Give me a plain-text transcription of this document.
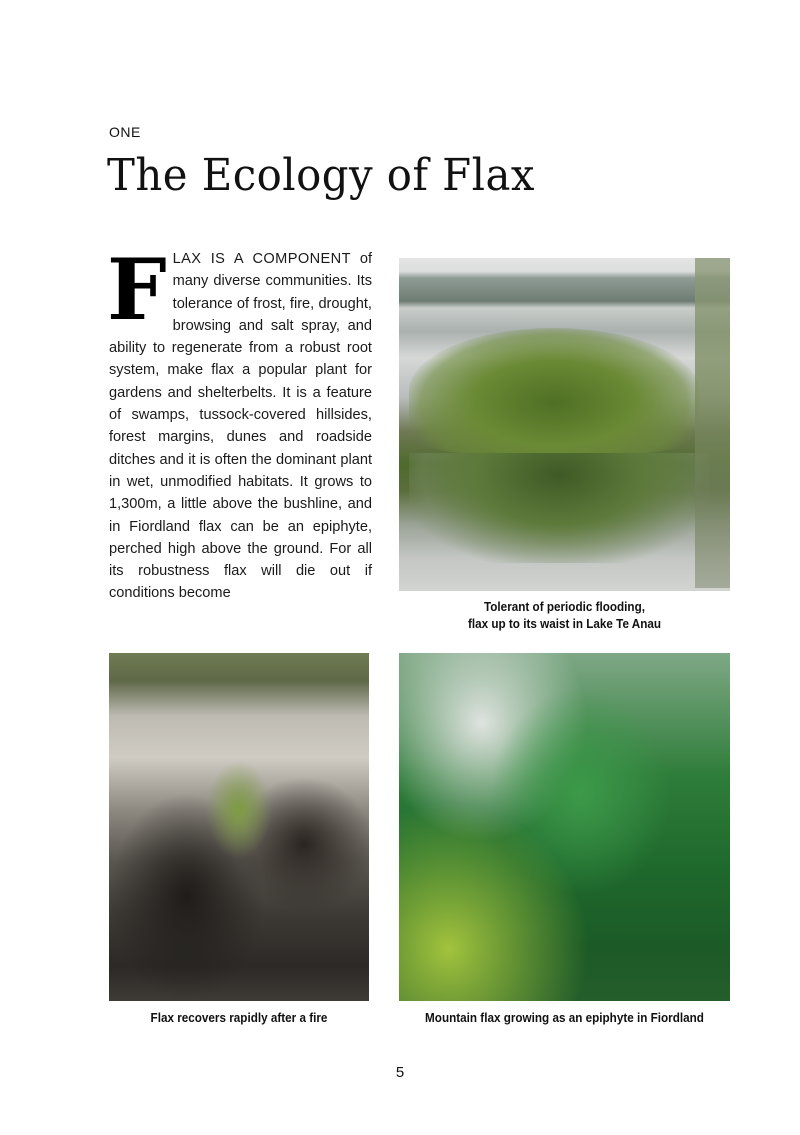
ONE
The Ecology of Flax

FLAX IS A COMPONENT of many diverse communities. Its tolerance of frost, fire, drought, browsing and salt spray, and ability to regenerate from a robust root system, make flax a popular plant for gardens and shelterbelts. It is a feature of swamps, tussock-covered hillsides, forest margins, dunes and roadside ditches and it is often the dominant plant in wet, unmodified habitats. It grows to 1,300m, a little above the bushline, and in Fiordland flax can be an epiphyte, perched high above the ground. For all its robustness flax will die out if conditions become

Tolerant of periodic flooding,
flax up to its waist in Lake Te Anau
Flax recovers rapidly after a fire	Mountain flax growing as an epiphyte in Fiordland
5
